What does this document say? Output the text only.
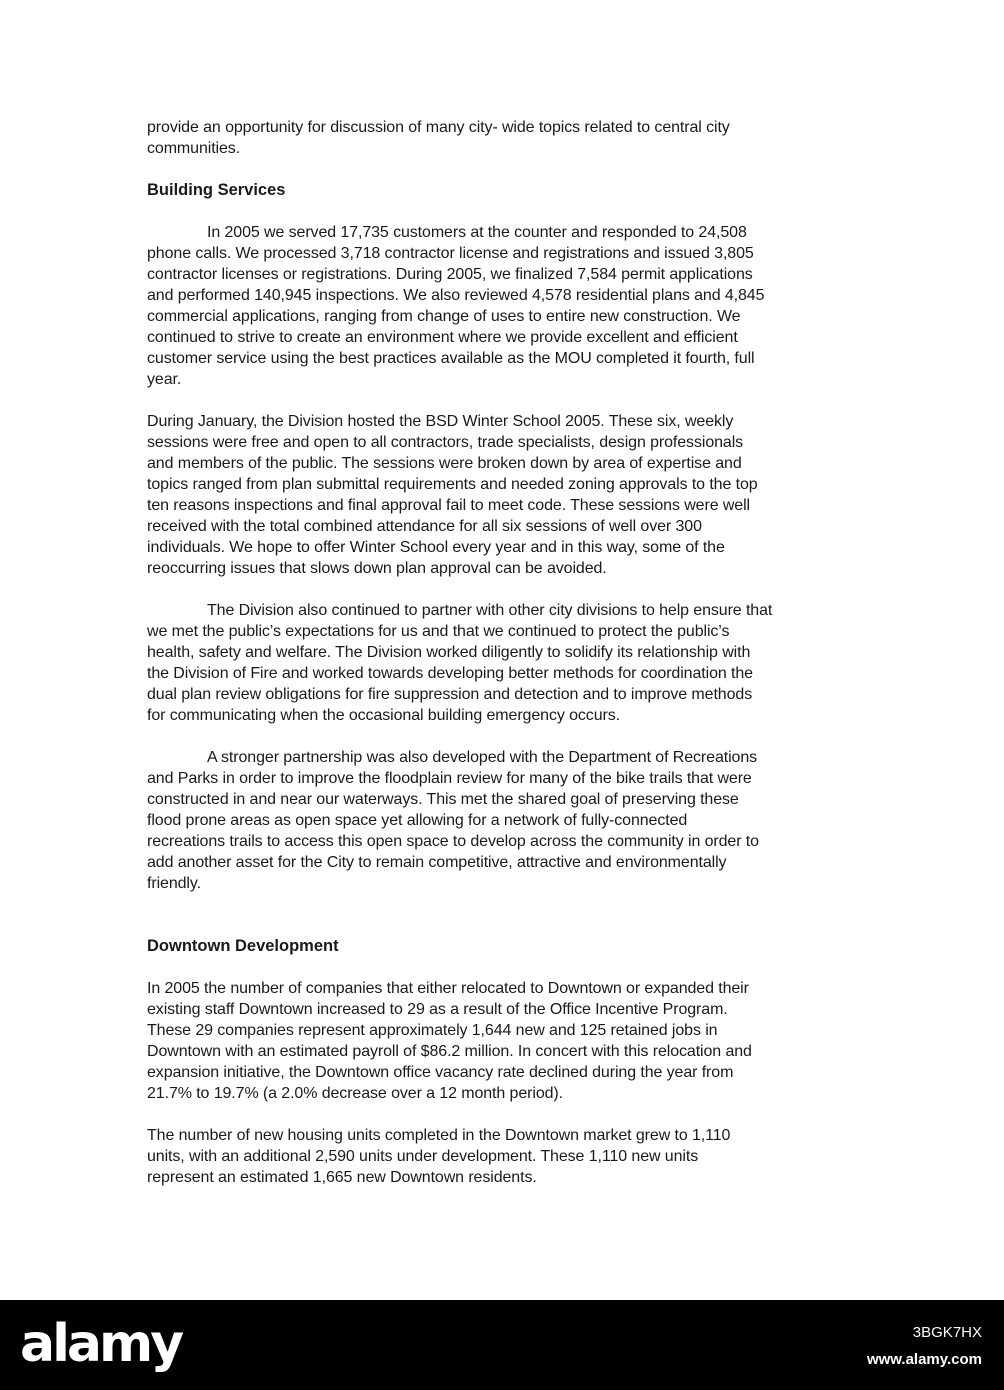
provide an opportunity for discussion of many city- wide topics related to central city
communities.

Building Services

In 2005 we served 17,735 customers at the counter and responded to 24,508
phone calls. We processed 3,718 contractor license and registrations and issued 3,805
contractor licenses or registrations. During 2005, we finalized 7,584 permit applications
and performed 140,945 inspections. We also reviewed 4,578 residential plans and 4,845
commercial applications, ranging from change of uses to entire new construction. We
continued to strive to create an environment where we provide excellent and efficient
customer service using the best practices available as the MOU completed it fourth, full
year.

During January, the Division hosted the BSD Winter School 2005. These six, weekly
sessions were free and open to all contractors, trade specialists, design professionals
and members of the public. The sessions were broken down by area of expertise and
topics ranged from plan submittal requirements and needed zoning approvals to the top
ten reasons inspections and final approval fail to meet code. These sessions were well
received with the total combined attendance for all six sessions of well over 300
individuals. We hope to offer Winter School every year and in this way, some of the
reoccurring issues that slows down plan approval can be avoided.

The Division also continued to partner with other city divisions to help ensure that
we met the public’s expectations for us and that we continued to protect the public’s
health, safety and welfare. The Division worked diligently to solidify its relationship with
the Division of Fire and worked towards developing better methods for coordination the
dual plan review obligations for fire suppression and detection and to improve methods
for communicating when the occasional building emergency occurs.

A stronger partnership was also developed with the Department of Recreations
and Parks in order to improve the floodplain review for many of the bike trails that were
constructed in and near our waterways. This met the shared goal of preserving these
flood prone areas as open space yet allowing for a network of fully-connected
recreations trails to access this open space to develop across the community in order to
add another asset for the City to remain competitive, attractive and environmentally
friendly.

Downtown Development

In 2005 the number of companies that either relocated to Downtown or expanded their
existing staff Downtown increased to 29 as a result of the Office Incentive Program.
These 29 companies represent approximately 1,644 new and 125 retained jobs in
Downtown with an estimated payroll of $86.2 million. In concert with this relocation and
expansion initiative, the Downtown office vacancy rate declined during the year from
21.7% to 19.7% (a 2.0% decrease over a 12 month period).

The number of new housing units completed in the Downtown market grew to 1,110
units, with an additional 2,590 units under development. These 1,110 new units
represent an estimated 1,665 new Downtown residents.

alamy	3BGK7HX
www.alamy.com
